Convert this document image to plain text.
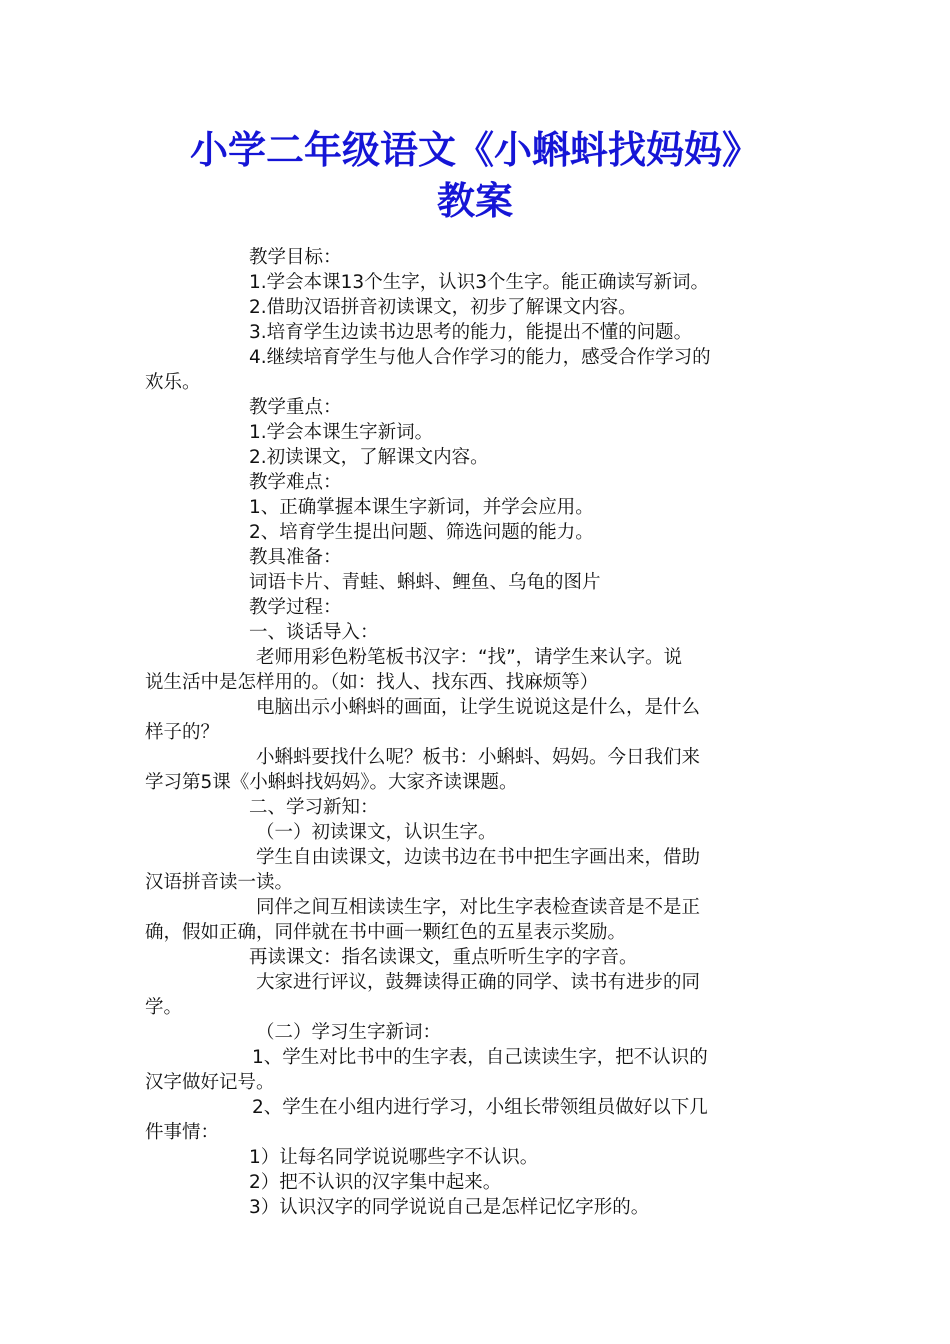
小学二年级语文《小蝌蚪找妈妈》
教案

教学目标：

1.学会本课13个生字，认识3个生字。能正确读写新词。

2.借助汉语拼音初读课文，初步了解课文内容。

3.培育学生边读书边思考的能力，能提出不懂的问题。

4.继续培育学生与他人合作学习的能力，感受合作学习的

欢乐。

教学重点：

1.学会本课生字新词。

2.初读课文，了解课文内容。

教学难点：

1、正确掌握本课生字新词，并学会应用。

2、培育学生提出问题、筛选问题的能力。

教具准备：

词语卡片、青蛙、蝌蚪、鲤鱼、乌龟的图片

教学过程：

一、谈话导入：

老师用彩色粉笔板书汉字：“找”，请学生来认字。说

说生活中是怎样用的。（如：找人、找东西、找麻烦等）

电脑出示小蝌蚪的画面，让学生说说这是什么，是什么

样子的？

小蝌蚪要找什么呢？板书：小蝌蚪、妈妈。今日我们来

学习第5课《小蝌蚪找妈妈》。大家齐读课题。

二、学习新知：

（一）初读课文，认识生字。

学生自由读课文，边读书边在书中把生字画出来，借助

汉语拼音读一读。

同伴之间互相读读生字，对比生字表检查读音是不是正

确，假如正确，同伴就在书中画一颗红色的五星表示奖励。

再读课文：指名读课文，重点听听生字的字音。

大家进行评议，鼓舞读得正确的同学、读书有进步的同

学。

（二）学习生字新词：

1、学生对比书中的生字表，自己读读生字，把不认识的

汉字做好记号。

2、学生在小组内进行学习，小组长带领组员做好以下几

件事情：

1）让每名同学说说哪些字不认识。

2）把不认识的汉字集中起来。

3）认识汉字的同学说说自己是怎样记忆字形的。
